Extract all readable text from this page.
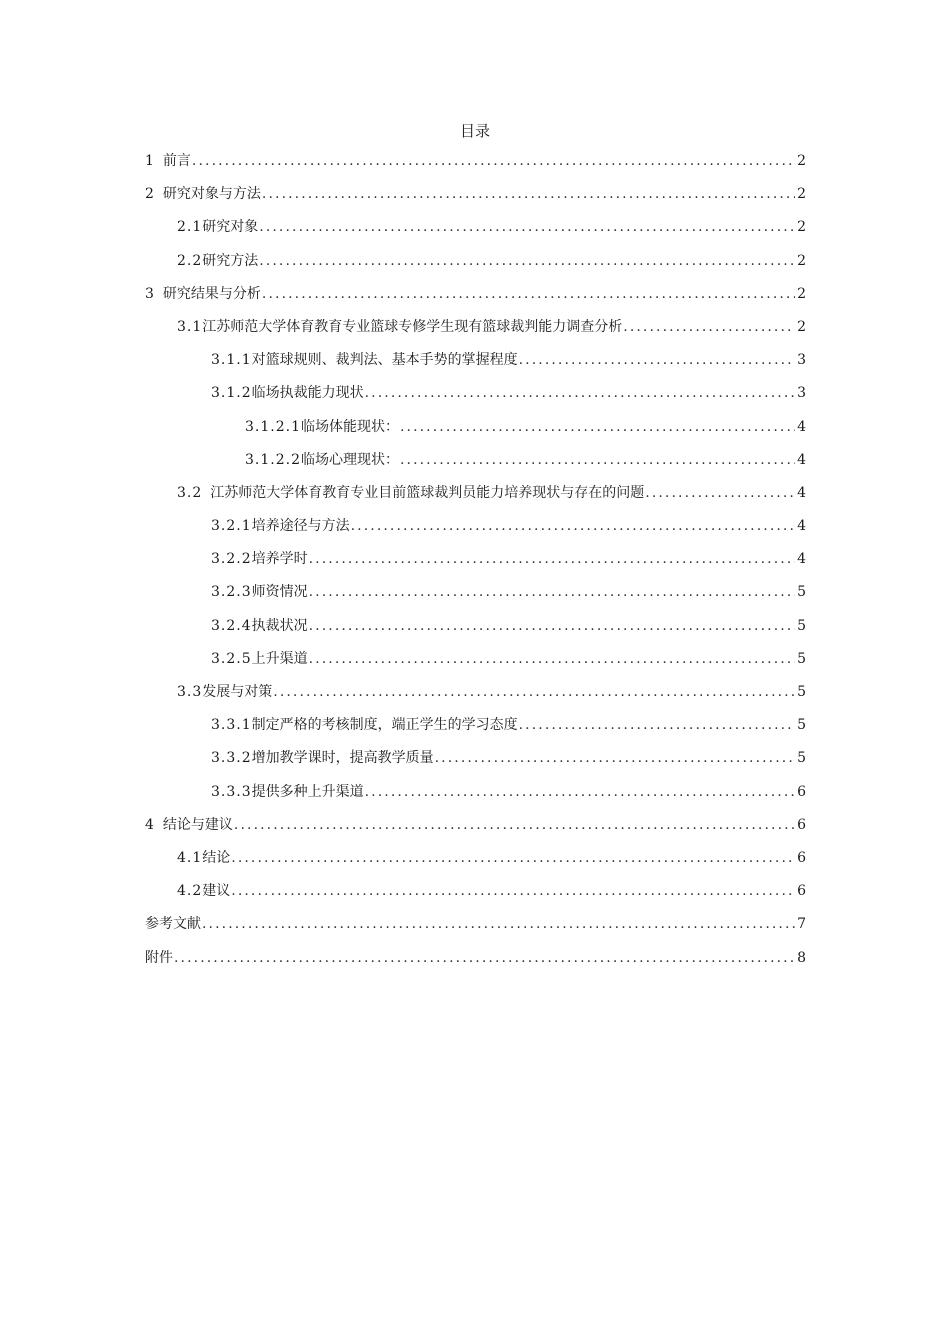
目录
1 前言 .....	2
2 研究对象与方法 .....	2
2.1 研究对象 .....	2
2.2 研究方法 .....	2
3 研究结果与分析 .....	2
3.1 江苏师范大学体育教育专业篮球专修学生现有篮球裁判能力调查分析 .....	2
3.1.1 对篮球规则、裁判法、基本手势的掌握程度 .....	3
3.1.2 临场执裁能力现状 .....	3
3.1.2.1 临场体能现状： .....	4
3.1.2.2 临场心理现状： .....	4
3.2 江苏师范大学体育教育专业目前篮球裁判员能力培养现状与存在的问题 .....	4
3.2.1 培养途径与方法 .....	4
3.2.2 培养学时 .....	4
3.2.3 师资情况 .....	5
3.2.4 执裁状况 .....	5
3.2.5 上升渠道 .....	5
3.3 发展与对策 .....	5
3.3.1 制定严格的考核制度，端正学生的学习态度 .....	5
3.3.2 增加教学课时，提高教学质量 .....	5
3.3.3 提供多种上升渠道 .....	6
4 结论与建议 .....	6
4.1 结论 .....	6
4.2 建议 .....	6
参考文献 .....	7
附件 .....	8
